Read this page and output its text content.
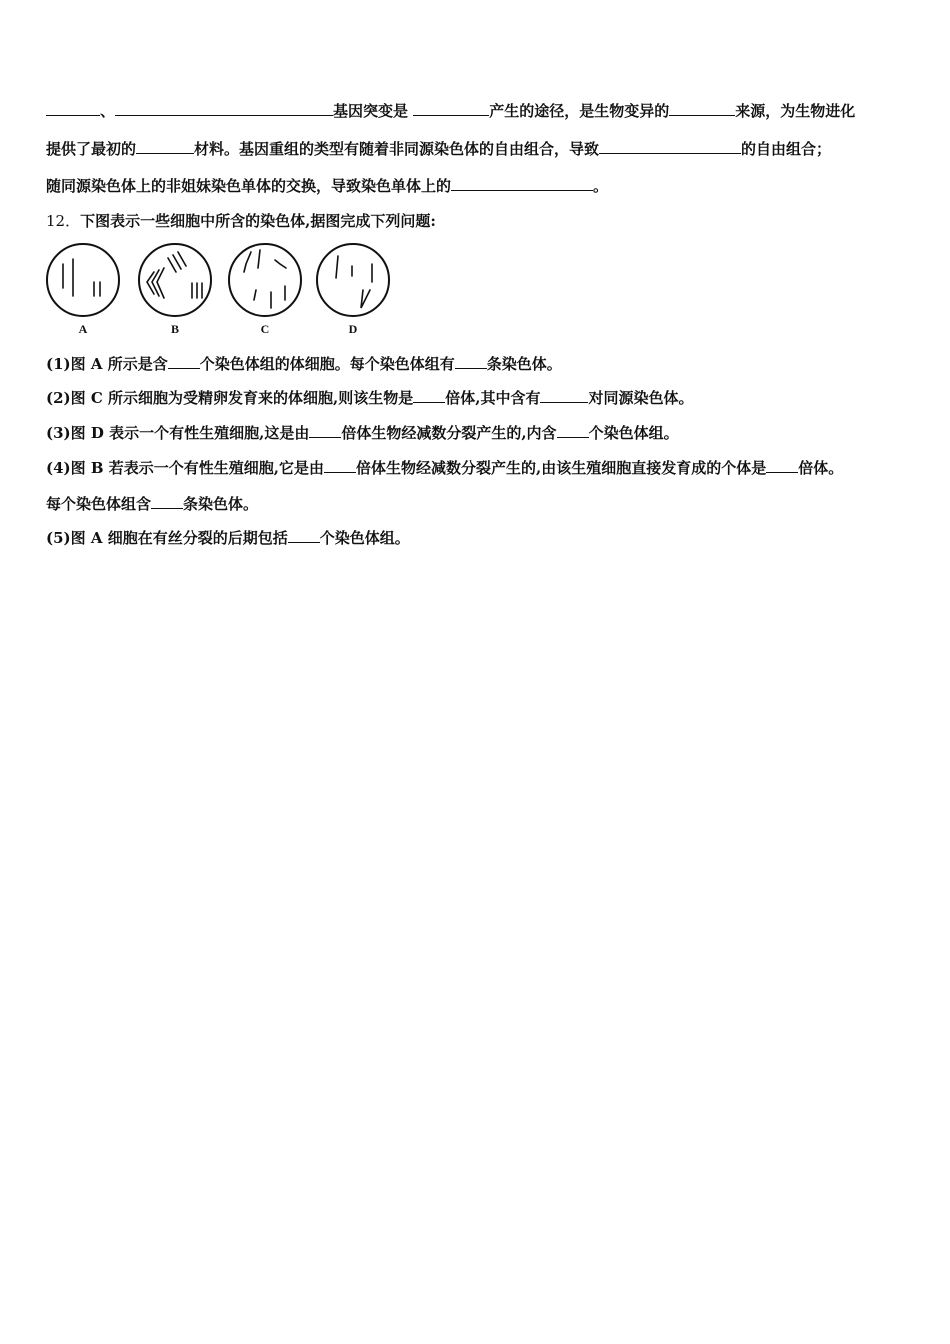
、	基因突变是	产生的途径，是生物变异的	来源，为生物进化
提供了最初的	材料。基因重组的类型有随着非同源染色体的自由组合，导致	的自由组合；
随同源染色体上的非姐妹染色单体的交换，导致染色单体上的	。
12．下图表示一些细胞中所含的染色体,据图完成下列问题:
A	B	C	D
(1)图 A 所示是含 个染色体组的体细胞。每个染色体组有 条染色体。
(2)图 C 所示细胞为受精卵发育来的体细胞,则该生物是 倍体,其中含有	对同源染色体。
(3)图 D 表示一个有性生殖细胞,这是由 倍体生物经减数分裂产生的,内含 个染色体组。
(4)图 B 若表示一个有性生殖细胞,它是由 倍体生物经减数分裂产生的,由该生殖细胞直接发育成的个体是 倍体。
每个染色体组含 条染色体。
(5)图 A 细胞在有丝分裂的后期包括 个染色体组。
